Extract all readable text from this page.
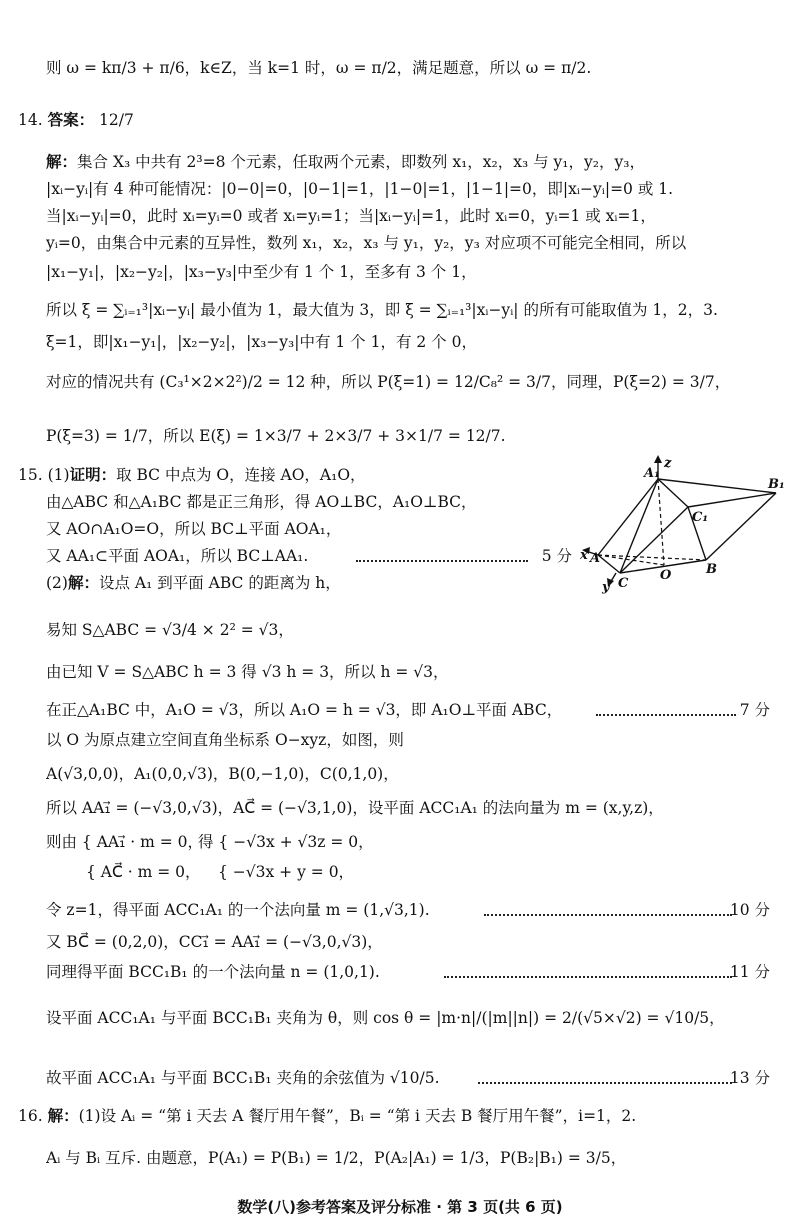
则 ω = kπ/3 + π/6，k∈Z，当 k=1 时，ω = π/2，满足题意，所以 ω = π/2.
14. 答案： 12/7
解：集合 X₃ 中共有 2³=8 个元素，任取两个元素，即数列 x₁，x₂，x₃ 与 y₁，y₂，y₃，
|xᵢ−yᵢ|有 4 种可能情况：|0−0|=0，|0−1|=1，|1−0|=1，|1−1|=0，即|xᵢ−yᵢ|=0 或 1.
当|xᵢ−yᵢ|=0，此时 xᵢ=yᵢ=0 或者 xᵢ=yᵢ=1；当|xᵢ−yᵢ|=1，此时 xᵢ=0，yᵢ=1 或 xᵢ=1，
yᵢ=0，由集合中元素的互异性，数列 x₁，x₂，x₃ 与 y₁，y₂，y₃ 对应项不可能完全相同，所以
|x₁−y₁|，|x₂−y₂|，|x₃−y₃|中至少有 1 个 1，至多有 3 个 1，
所以 ξ = ∑ᵢ₌₁³|xᵢ−yᵢ| 最小值为 1，最大值为 3，即 ξ = ∑ᵢ₌₁³|xᵢ−yᵢ| 的所有可能取值为 1，2，3.
ξ=1，即|x₁−y₁|，|x₂−y₂|，|x₃−y₃|中有 1 个 1，有 2 个 0，
对应的情况共有 (C₃¹×2×2²)/2 = 12 种，所以 P(ξ=1) = 12/C₈² = 3/7，同理，P(ξ=2) = 3/7，
P(ξ=3) = 1/7，所以 E(ξ) = 1×3/7 + 2×3/7 + 3×1/7 = 12/7.
15. (1)证明：取 BC 中点为 O，连接 AO，A₁O，
由△ABC 和△A₁BC 都是正三角形，得 AO⊥BC，A₁O⊥BC，
又 AO∩A₁O=O，所以 BC⊥平面 AOA₁，
又 AA₁⊂平面 AOA₁，所以 BC⊥AA₁.	5 分
(2)解：设点 A₁ 到平面 ABC 的距离为 h，
易知 S△ABC = √3/4 × 2² = √3，
由已知 V = S△ABC h = 3 得 √3 h = 3，所以 h = √3，
在正△A₁BC 中，A₁O = √3，所以 A₁O = h = √3，即 A₁O⊥平面 ABC，	7 分
以 O 为原点建立空间直角坐标系 O−xyz，如图，则
A(√3,0,0)，A₁(0,0,√3)，B(0,−1,0)，C(0,1,0)，
所以 AA₁⃗ = (−√3,0,√3)，AC⃗ = (−√3,1,0)，设平面 ACC₁A₁ 的法向量为 m = (x,y,z)，
则由 { AA₁⃗ · m = 0，
得 { −√3x + √3z = 0，
{ AC⃗ · m = 0，	{ −√3x + y = 0，
令 z=1，得平面 ACC₁A₁ 的一个法向量 m = (1,√3,1).	10 分
又 BC⃗ = (0,2,0)，CC₁⃗ = AA₁⃗ = (−√3,0,√3)，
同理得平面 BCC₁B₁ 的一个法向量 n = (1,0,1).	11 分
设平面 ACC₁A₁ 与平面 BCC₁B₁ 夹角为 θ，则 cos θ = |m·n|/(|m||n|) = 2/(√5×√2) = √10/5，
故平面 ACC₁A₁ 与平面 BCC₁B₁ 夹角的余弦值为 √10/5.	13 分
16. 解：(1)设 Aᵢ = “第 i 天去 A 餐厅用午餐”，Bᵢ = “第 i 天去 B 餐厅用午餐”，i=1，2.
Aᵢ 与 Bᵢ 互斥. 由题意，P(A₁) = P(B₁) = 1/2，P(A₂|A₁) = 1/3，P(B₂|B₁) = 3/5，
A₁
z
B₁
C₁
x A
O	B
y C
数学(八)参考答案及评分标准 · 第 3 页(共 6 页)
